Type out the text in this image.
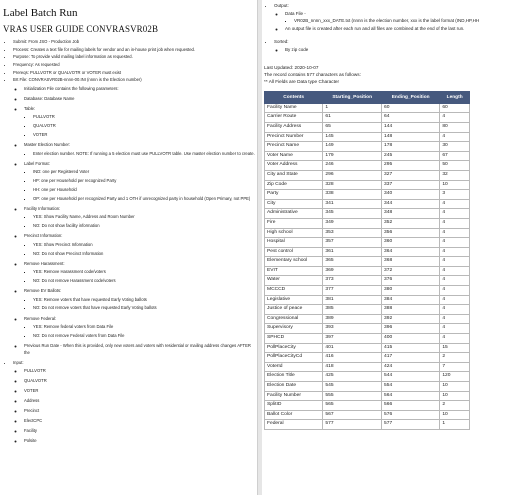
Label Batch Run
VRAS USER GUIDE CONVRASVR02B
• Submit: From JSO - Production Job
• Process: Creates a text file for mailing labels for vendor and an in-house print job when requested.
• Purpose: To provide valid mailing label information as requested.
• Frequency: As requested
• Prereqs: PULLVOTR or QUALVOTR or VOTER must exist
• Brt File: CONVRASVR02B-nnnn-00.INI (nnnn is the Election number)
◦ Initialization File contains the following parameters:
◦ Database: Database Name
◦ Table:
▪ PULLVOTR
▪ QUALVOTR
▪ VOTER
◦ Master Election Number:
▪ Enter election number. NOTE: If running a 5 election must use PULLVOTR table. Use master election number to create.
◦ Label Format:
▪ IND: one per Registered Voter
▪ HP: one per Household per recognized Party
▪ HH: one per Household
▪ OP: one per Household per recognized Party and 1 OTH if unrecognized party in household (Open Primary, not PPE)
◦ Facility Information:
▪ YES: Show Facility Name, Address and Room Number
▪ NO: Do not show facility information
◦ Precinct Information:
▪ YES: Show Precinct Information
▪ NO: Do not show Precinct Information
◦ Remove Harassment:
▪ YES: Remove Harassment code/voters
▪ NO: Do not remove Harassment code/voters
◦ Remove EV Ballots:
▪ YES: Remove voters that have requested Early Voting ballots
▪ NO: Do not remove voters that have requested Early Voting ballots
◦ Remove Federal:
▪ YES: Remove federal voters from Data File
▪ NO: Do not remove Federal voters from Data File
◦ Previous Run Date - When this is provided, only new voters and voters with residential or mailing address changes AFTER the
• Input:
◦ PULLVOTR
◦ QUALVOTR
◦ VOTER
◦ Address
◦ Precinct
◦ ElectCPC
◦ Facility
◦ Polsite
• Output:
◦ Data File -
▪ VR02B_nnnn_xxx_DATE.txt (nnnn is the election number, xxx is the label format (IND,HP,HH
◦ An output file is created after each run and all files are combined at the end of the last run.
• Sorted:
◦ By zip code

Last Updated: 2020-10-07

The record contains 577 characters as follows:

** All Fields are Data type Character

Contents	Starting_Position	Ending_Position	Length
Facility Name	1	60	60
Carrier Route	61	64	4
Facility Address	65	144	80
Precinct Number	145	148	4
Precinct Name	149	178	30
Voter Name	179	245	67
Voter Address	246	295	50
City and State	296	327	32
Zip Code	328	337	10
Party	338	340	3
City	341	344	4
Administrative	345	348	4
Fire	349	352	4
High school	353	356	4
Hospital	357	360	4
Pest control	361	364	4
Elementary school	365	368	4
EVIT	369	372	4
Water	373	376	4
MCCCD	377	380	4
Legislative	381	384	4
Justice of peace	385	388	4
Congressional	389	392	4
Supervisory	393	396	4
SPHCD	397	400	4
PollPlaceCity	401	415	15
PollPlaceCityCd	416	417	2
VoterId	418	424	7
Election Title	425	544	120
Election Date	545	554	10
Facility Number	555	564	10
SplitID	565	566	2
Ballot Color	567	576	10
Federal	577	577	1
